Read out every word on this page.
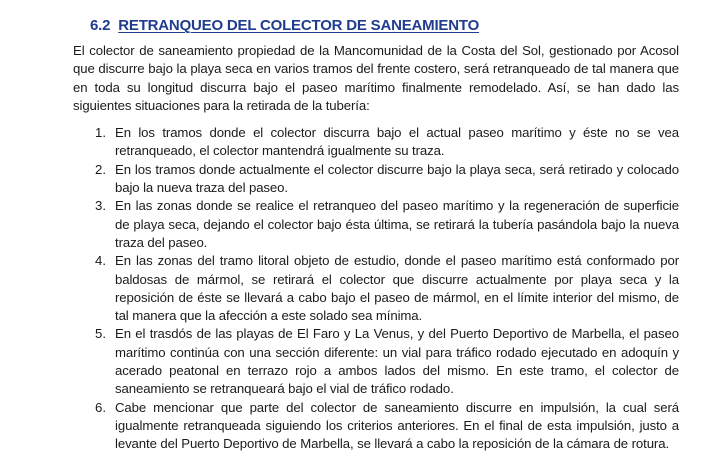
6.2 RETRANQUEO DEL COLECTOR DE SANEAMIENTO

El colector de saneamiento propiedad de la Mancomunidad de la Costa del Sol, gestionado por Acosol que discurre bajo la playa seca en varios tramos del frente costero, será retranqueado de tal manera que en toda su longitud discurra bajo el paseo marítimo finalmente remodelado. Así, se han dado las siguientes situaciones para la retirada de la tubería:

1. En los tramos donde el colector discurra bajo el actual paseo marítimo y éste no se vea retranqueado, el colector mantendrá igualmente su traza.
2. En los tramos donde actualmente el colector discurre bajo la playa seca, será retirado y colocado bajo la nueva traza del paseo.
3. En las zonas donde se realice el retranqueo del paseo marítimo y la regeneración de superficie de playa seca, dejando el colector bajo ésta última, se retirará la tubería pasándola bajo la nueva traza del paseo.
4. En las zonas del tramo litoral objeto de estudio, donde el paseo marítimo está conformado por baldosas de mármol, se retirará el colector que discurre actualmente por playa seca y la reposición de éste se llevará a cabo bajo el paseo de mármol, en el límite interior del mismo, de tal manera que la afección a este solado sea mínima.
5. En el trasdós de las playas de El Faro y La Venus, y del Puerto Deportivo de Marbella, el paseo marítimo continúa con una sección diferente: un vial para tráfico rodado ejecutado en adoquín y acerado peatonal en terrazo rojo a ambos lados del mismo. En este tramo, el colector de saneamiento se retranqueará bajo el vial de tráfico rodado.
6. Cabe mencionar que parte del colector de saneamiento discurre en impulsión, la cual será igualmente retranqueada siguiendo los criterios anteriores. En el final de esta impulsión, justo a levante del Puerto Deportivo de Marbella, se llevará a cabo la reposición de la cámara de rotura.
